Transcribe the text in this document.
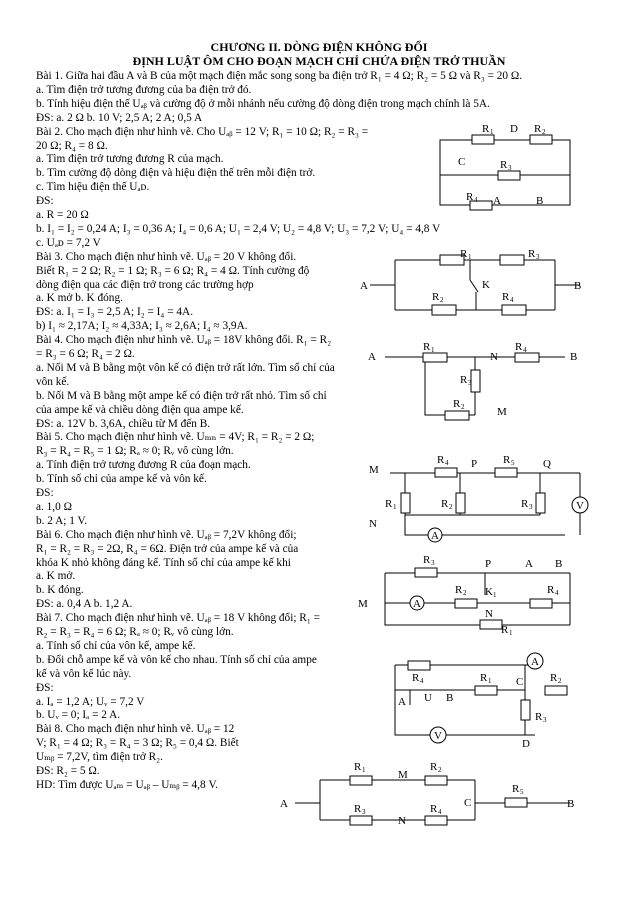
CHƯƠNG II. DÒNG ĐIỆN KHÔNG ĐỔI
ĐỊNH LUẬT ÔM CHO ĐOẠN MẠCH CHỈ CHỨA ĐIỆN TRỞ THUẦN
Bài 1. Giữa hai đầu A và B của một mạch điện mắc song song ba điện trở R₁ = 4 Ω; R₂ = 5 Ω và R₃ = 20 Ω.
a. Tìm điện trở tương đương của ba điện trở đó.
b. Tính hiệu điện thế Uₐᵦ và cường độ ở mỗi nhánh nếu cường độ dòng điện trong mạch chính là 5A.
ĐS: a. 2 Ω b. 10 V; 2,5 A; 2 A; 0,5 A
Bài 2. Cho mạch điện như hình vẽ. Cho Uₐᵦ = 12 V; R₁ = 10 Ω; R₂ = R₃ =
20 Ω; R₄ = 8 Ω.
a. Tìm điện trở tương đương R của mạch.
b. Tìm cường độ dòng điện và hiệu điện thế trên mỗi điện trở.
c. Tìm hiệu điện thế Uₐᴅ.
ĐS:
a. R = 20 Ω
b. I₁ = I₂ = 0,24 A; I₃ = 0,36 A; I₄ = 0,6 A; U₁ = 2,4 V; U₂ = 4,8 V; U₃ = 7,2 V; U₄ = 4,8 V
c. Uₐᴅ = 7,2 V
Bài 3. Cho mạch điện như hình vẽ. Uₐᵦ = 20 V không đổi.
Biết R₁ = 2 Ω; R₂ = 1 Ω; R₃ = 6 Ω; R₄ = 4 Ω. Tính cường độ
dòng điện qua các điện trở trong các trường hợp
a. K mở b. K đóng.
ĐS: a. I₁ = I₃ = 2,5 A; I₂ = I₄ = 4A.
b) I₁ ≈ 2,17A; I₂ ≈ 4,33A; I₃ ≈ 2,6A; I₄ ≈ 3,9A.
Bài 4. Cho mạch điện như hình vẽ. Uₐᵦ = 18V không đổi. R₁ = R₂
= R₃ = 6 Ω; R₄ = 2 Ω.
a. Nối M và B bằng một vôn kế có điện trở rất lớn. Tìm số chỉ của
vôn kế.
b. Nối M và B bằng một ampe kế có điện trở rất nhỏ. Tìm số chỉ
của ampe kế và chiều dòng điện qua ampe kế.
ĐS: a. 12V b. 3,6A, chiều từ M đến B.
Bài 5. Cho mạch điện như hình vẽ. Uₘₙ = 4V; R₁ = R₂ = 2 Ω;
R₃ = R₄ = R₅ = 1 Ω; Rₐ ≈ 0; Rᵥ vô cùng lớn.
a. Tính điện trở tương đương R của đoạn mạch.
b. Tính số chỉ của ampe kế và vôn kế.
ĐS:
a. 1,0 Ω
b. 2 A; 1 V.
Bài 6. Cho mạch điện như hình vẽ. Uₐᵦ = 7,2V không đổi;
R₁ = R₂ = R₃ = 2Ω, R₄ = 6Ω. Điện trở của ampe kế và của
khóa K nhỏ không đáng kể. Tính số chỉ của ampe kế khi
a. K mở.
b. K đóng.
ĐS: a. 0,4 A b. 1,2 A.
Bài 7. Cho mạch điện như hình vẽ. Uₐᵦ = 18 V không đổi; R₁ =
R₂ = R₃ = R₄ = 6 Ω; Rₐ ≈ 0; Rᵥ vô cùng lớn.
a. Tính số chỉ của vôn kế, ampe kế.
b. Đổi chỗ ampe kế và vôn kế cho nhau. Tính số chỉ của ampe
kế và vôn kế lúc này.
ĐS:
a. Iₐ = 1,2 A; Uᵥ = 7,2 V
b. Uᵥ = 0; Iₐ = 2 A.
Bài 8. Cho mạch điện như hình vẽ. Uₐᵦ = 12
V; R₁ = 4 Ω; R₃ = R₄ = 3 Ω; R₅ = 0,4 Ω. Biết
Uₘᵦ = 7,2V, tìm điện trở R₂.
ĐS: R₂ = 5 Ω.
HD: Tìm được Uₐₘ = Uₐᵦ – Uₘᵦ = 4,8 V.
R 1 D R 2
C	R 3
R 4 A	B
A	B
R 1	R 3
R 2	R 4
K
A	B
R 1
N
R 4
R 3
R 2	M
M
N
R 4 P R 5	Q
R 1	R 2	R 3
A
V
M
R 3	P	A B
R 2 K 1	R 4
N
R 1
A
R 4	R 1 C R 2
R 3
A U B
D
A
V
A	B
R 1	M
R 2
R 5
C
R 3
N
R 4
